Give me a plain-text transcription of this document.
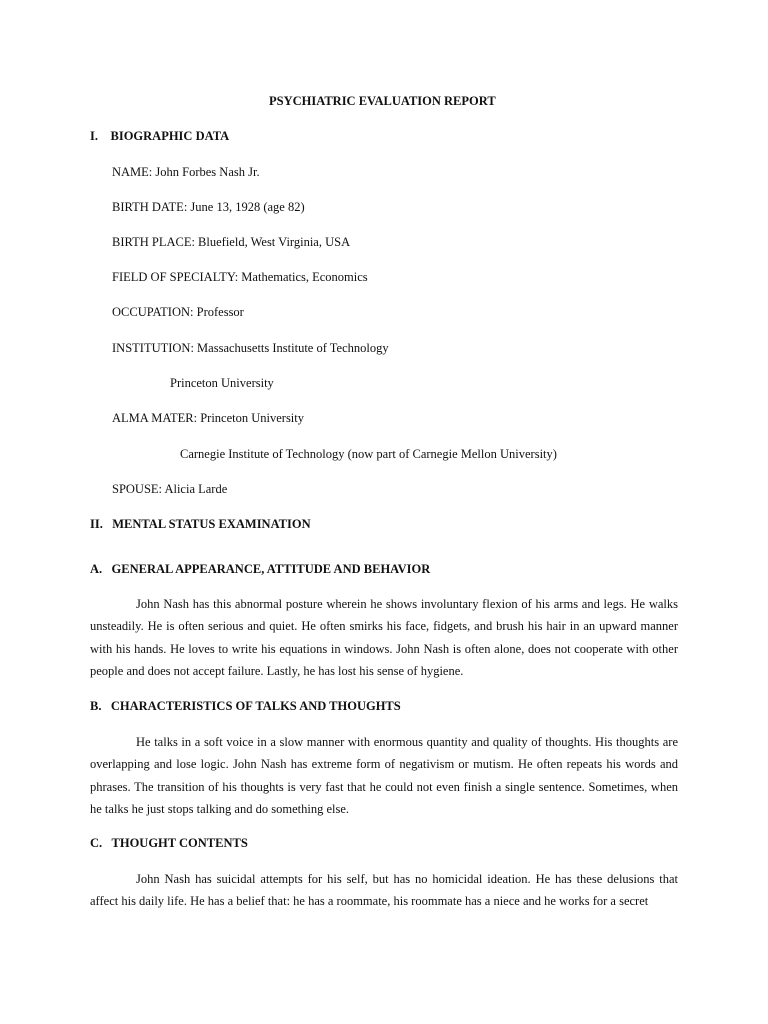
PSYCHIATRIC EVALUATION REPORT
I.    BIOGRAPHIC DATA
NAME: John Forbes Nash Jr.
BIRTH DATE: June 13, 1928 (age 82)
BIRTH PLACE: Bluefield, West Virginia, USA
FIELD OF SPECIALTY: Mathematics, Economics
OCCUPATION: Professor
INSTITUTION: Massachusetts Institute of Technology
Princeton University
ALMA MATER: Princeton University
Carnegie Institute of Technology (now part of Carnegie Mellon University)
SPOUSE: Alicia Larde
II.   MENTAL STATUS EXAMINATION
A.   GENERAL APPEARANCE, ATTITUDE AND BEHAVIOR
John Nash has this abnormal posture wherein he shows involuntary flexion of his arms and legs. He walks unsteadily. He is often serious and quiet. He often smirks his face, fidgets, and brush his hair in an upward manner with his hands. He loves to write his equations in windows. John Nash is often alone, does not cooperate with other people and does not accept failure. Lastly, he has lost his sense of hygiene.
B.   CHARACTERISTICS OF TALKS AND THOUGHTS
He talks in a soft voice in a slow manner with enormous quantity and quality of thoughts. His thoughts are overlapping and lose logic. John Nash has extreme form of negativism or mutism. He often repeats his words and phrases. The transition of his thoughts is very fast that he could not even finish a single sentence. Sometimes, when he talks he just stops talking and do something else.
C.   THOUGHT CONTENTS
John Nash has suicidal attempts for his self, but has no homicidal ideation. He has these delusions that affect his daily life. He has a belief that: he has a roommate, his roommate has a niece and he works for a secret
